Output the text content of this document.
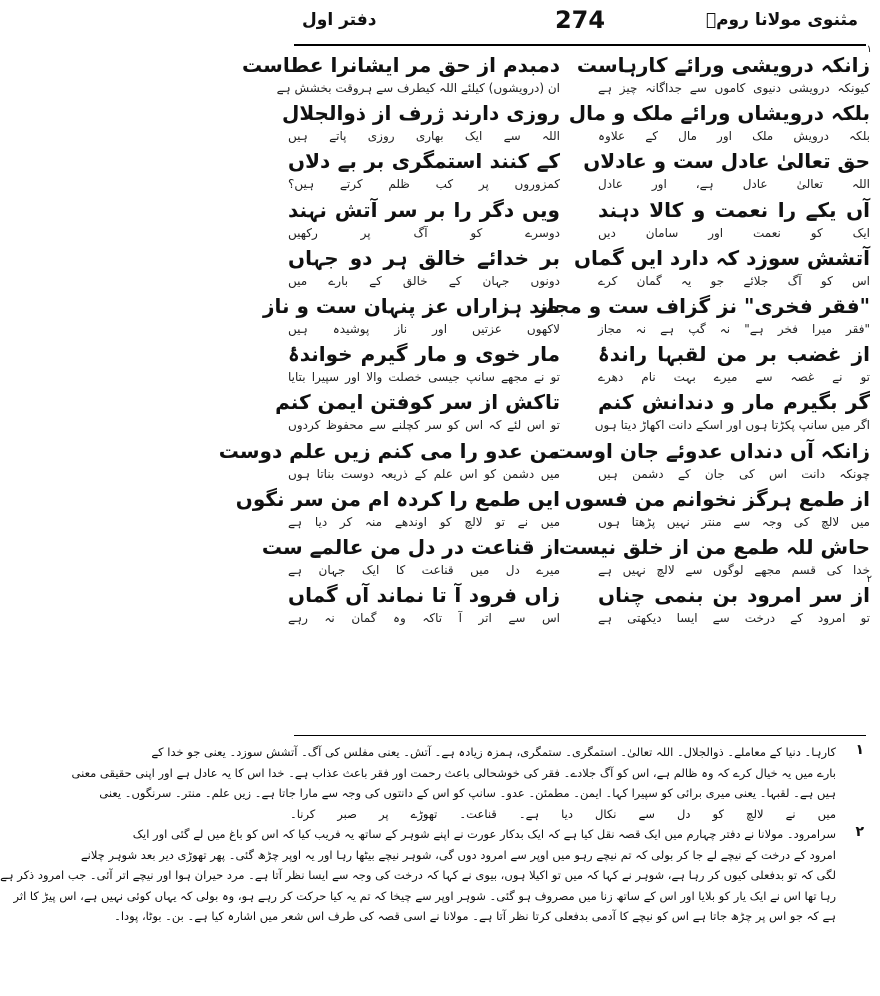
مثنوی مولانا رومؒ
274
دفتر اول
۱
زانکہ درویشی ورائے کارہاست
کیونکہ درویشی دنیوی کاموں سے جداگانہ چیز ہے
بلکہ درویشاں ورائے ملک و مال
بلکہ درویش ملک اور مال کے علاوہ
حق تعالیٰ عادل ست و عادلاں
اللہ تعالیٰ عادل ہے، اور عادل
آں یکے را نعمت و کالا دہند
ایک کو نعمت اور سامان دیں
آتشش سوزد کہ دارد ایں گماں
اس کو آگ جلائے جو یہ گمان کرے
"فقر فخری" نز گزاف ست و مجاز
"فقر میرا فخر ہے" نہ گپ ہے نہ مجاز
از غضب بر من لقبہا راندۂ
تو نے غصہ سے میرے بہت نام دھرے
گر بگیرم مار و دندانش کنم
اگر میں سانپ پکڑتا ہوں اور اسکے دانت اکھاڑ دیتا ہوں
زانکہ آں دنداں عدوئے جان اوست
چونکہ دانت اس کی جان کے دشمن ہیں
از طمع ہرگز نخوانم من فسوں
میں لالچ کی وجہ سے منتر نہیں پڑھتا ہوں
حاش للہ طمع من از خلق نیست
خدا کی قسم مجھے لوگوں سے لالچ نہیں ہے
۲
از سر امرود بن بنمی چناں
تو امرود کے درخت سے ایسا دیکھتی ہے
دمبدم از حق مر ایشانرا عطاست
ان (درویشوں) کیلئے اللہ کیطرف سے ہروقت بخشش ہے
روزی دارند ژرف از ذوالجلال
اللہ سے ایک بھاری روزی پاتے ہیں
کے کنند استمگری بر بے دلاں
کمزوروں پر کب ظلم کرتے ہیں؟
ویں دگر را بر سر آتش نہند
دوسرے کو آگ پر رکھیں
بر خدائے خالق ہر دو جہاں
دونوں جہان کے خالق کے بارے میں
صد ہزاراں عز پنہان ست و ناز
لاکھوں عزتیں اور ناز پوشیدہ ہیں
مار خوی و مار گیرم خواندۂ
تو نے مجھے سانپ جیسی خصلت والا اور سپیرا بتایا
تاکش از سر کوفتن ایمن کنم
تو اس لئے کہ اس کو سر کچلنے سے محفوظ کردوں
من عدو را می کنم زیں علم دوست
میں دشمن کو اس علم کے ذریعہ دوست بناتا ہوں
ایں طمع را کردہ ام من سر نگوں
میں نے تو لالچ کو اوندھے منہ کر دیا ہے
از قناعت در دل من عالمے ست
میرے دل میں قناعت کا ایک جہان ہے
زاں فرود آ تا نماند آں گماں
اس سے اتر آ تاکہ وہ گمان نہ رہے
۱
کارہا۔ دنیا کے معاملے۔ ذوالجلال۔ اللہ تعالیٰ۔ استمگری۔ ستمگری، ہمزہ زیادہ ہے۔ آتش۔ یعنی مفلس کی آگ۔ آتشش سوزد۔ یعنی جو خدا کے
بارے میں یہ خیال کرے کہ وہ ظالم ہے، اس کو آگ جلادے۔ فقر کی خوشحالی باعث رحمت اور فقر باعث عذاب ہے۔ خدا اس کا یہ عادل ہے اور اپنی حقیقی معنی
ہیں ہے۔ لقبہا۔ یعنی میری برائی کو سپیرا کہا۔ ایمن۔ مطمئن۔ عدو۔ سانپ کو اس کے دانتوں کی وجہ سے مارا جاتا ہے۔ زیں علم۔ منتر۔ سرنگوں۔ یعنی
میں نے لالچ کو دل سے نکال دیا ہے۔ قناعت۔ تھوڑے پر صبر کرنا۔
۲
سرامرود۔ مولانا نے دفتر چہارم میں ایک قصہ نقل کیا ہے کہ ایک بدکار عورت نے اپنے شوہر کے ساتھ یہ فریب کیا کہ اس کو باغ میں لے گئی اور ایک
امرود کے درخت کے نیچے لے جا کر بولی کہ تم نیچے رہو میں اوپر سے امرود دوں گی، شوہر نیچے بیٹھا رہا اور یہ اوپر چڑھ گئی۔ پھر تھوڑی دیر بعد شوہر چلانے
لگی کہ تو بدفعلی کیوں کر رہا ہے، شوہر نے کہا کہ میں تو اکیلا ہوں، بیوی نے کہا کہ درخت کی وجہ سے ایسا نظر آتا ہے۔ مرد حیران ہوا اور نیچے اتر آئی۔ جب امرود ذکر ہے
رہا تھا اس نے ایک یار کو بلایا اور اس کے ساتھ زنا میں مصروف ہو گئی۔ شوہر اوپر سے چیخا کہ تم یہ کیا حرکت کر رہے ہو، وہ بولی کہ یہاں کوئی نہیں ہے، اس پیڑ کا اثر
ہے کہ جو اس پر چڑھ جاتا ہے اس کو نیچے کا آدمی بدفعلی کرتا نظر آتا ہے۔ مولانا نے اسی قصہ کی طرف اس شعر میں اشارہ کیا ہے۔ بن۔ بوٹا، پودا۔
